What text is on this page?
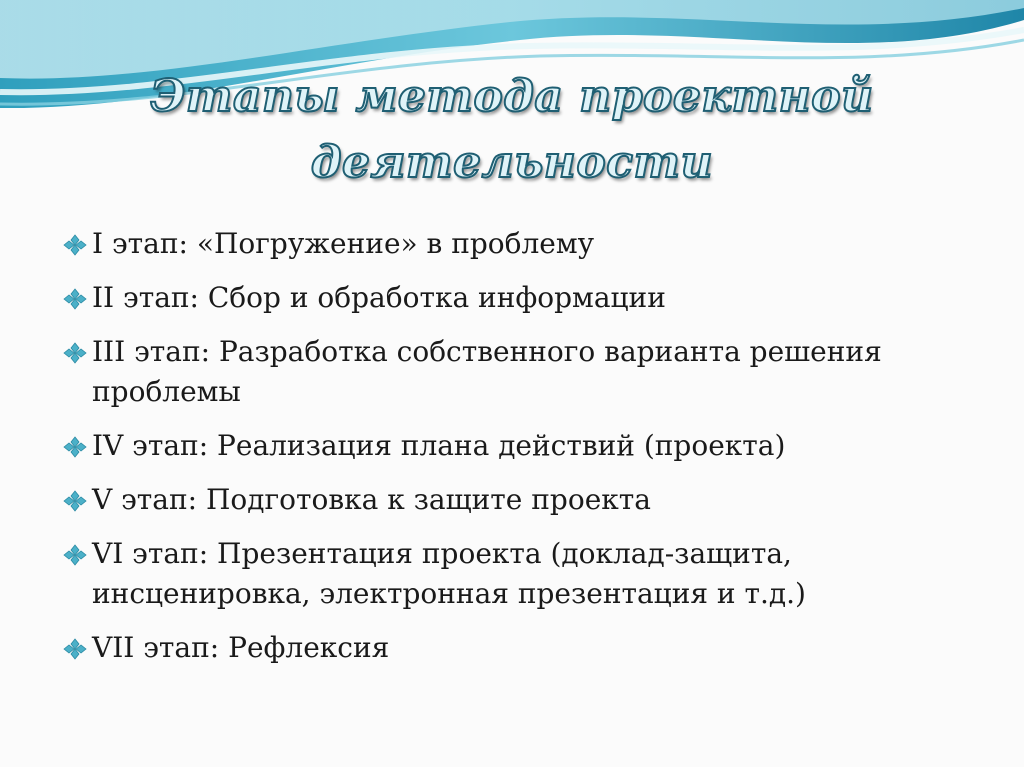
Этапы метода проектной
деятельности
I этап: «Погружение» в проблему
II этап: Сбор и обработка информации
III этап: Разработка собственного варианта решения проблемы
IV этап: Реализация плана действий (проекта)
V этап: Подготовка к защите проекта
VI этап: Презентация проекта (доклад-защита, инсценировка, электронная презентация и т.д.)
VII этап: Рефлексия
